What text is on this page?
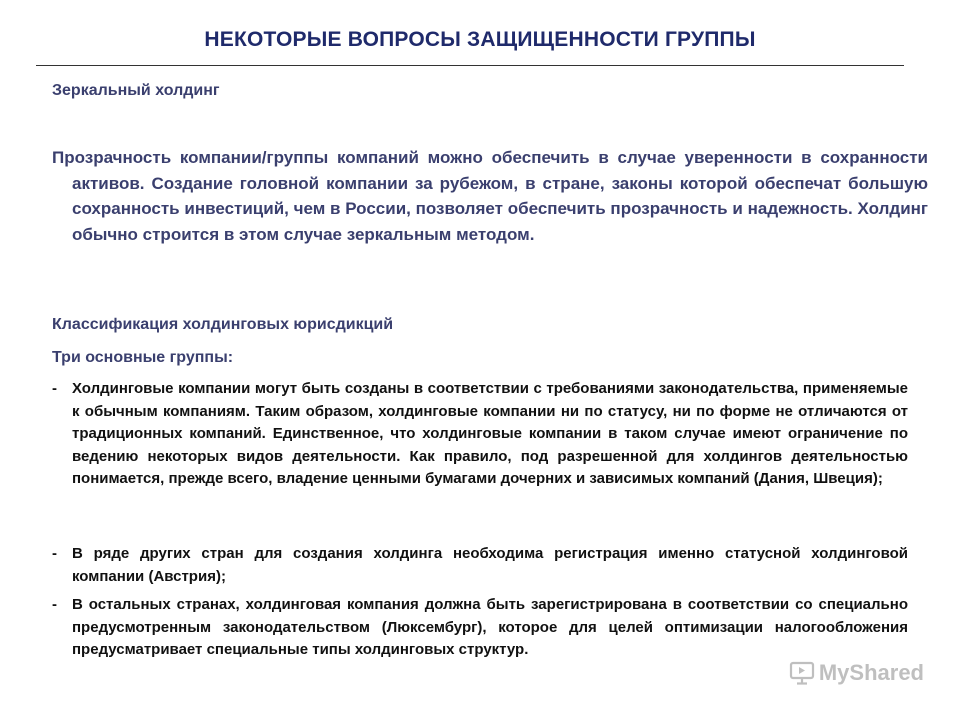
НЕКОТОРЫЕ ВОПРОСЫ ЗАЩИЩЕННОСТИ ГРУППЫ
Зеркальный холдинг
Прозрачность компании/группы компаний можно обеспечить в случае уверенности в сохранности активов. Создание головной компании за рубежом, в стране, законы которой обеспечат большую сохранность инвестиций, чем в России, позволяет обеспечить прозрачность и надежность. Холдинг обычно строится в этом случае зеркальным методом.
Классификация холдинговых юрисдикций
Три основные группы:
-	Холдинговые компании могут быть созданы в соответствии с требованиями законодательства, применяемые к обычным компаниям. Таким образом, холдинговые компании ни по статусу, ни по форме не отличаются от традиционных компаний. Единственное, что холдинговые компании в таком случае имеют ограничение по ведению некоторых видов деятельности. Как правило, под разрешенной для холдингов деятельностью понимается, прежде всего, владение ценными бумагами дочерних и зависимых компаний (Дания, Швеция);
-	В ряде других стран для создания холдинга необходима регистрация именно статусной холдинговой компании (Австрия);
-	В остальных странах, холдинговая компания должна быть зарегистрирована в соответствии со специально предусмотренным законодательством (Люксембург), которое для целей оптимизации налогообложения предусматривает специальные типы холдинговых структур.
MyShared
